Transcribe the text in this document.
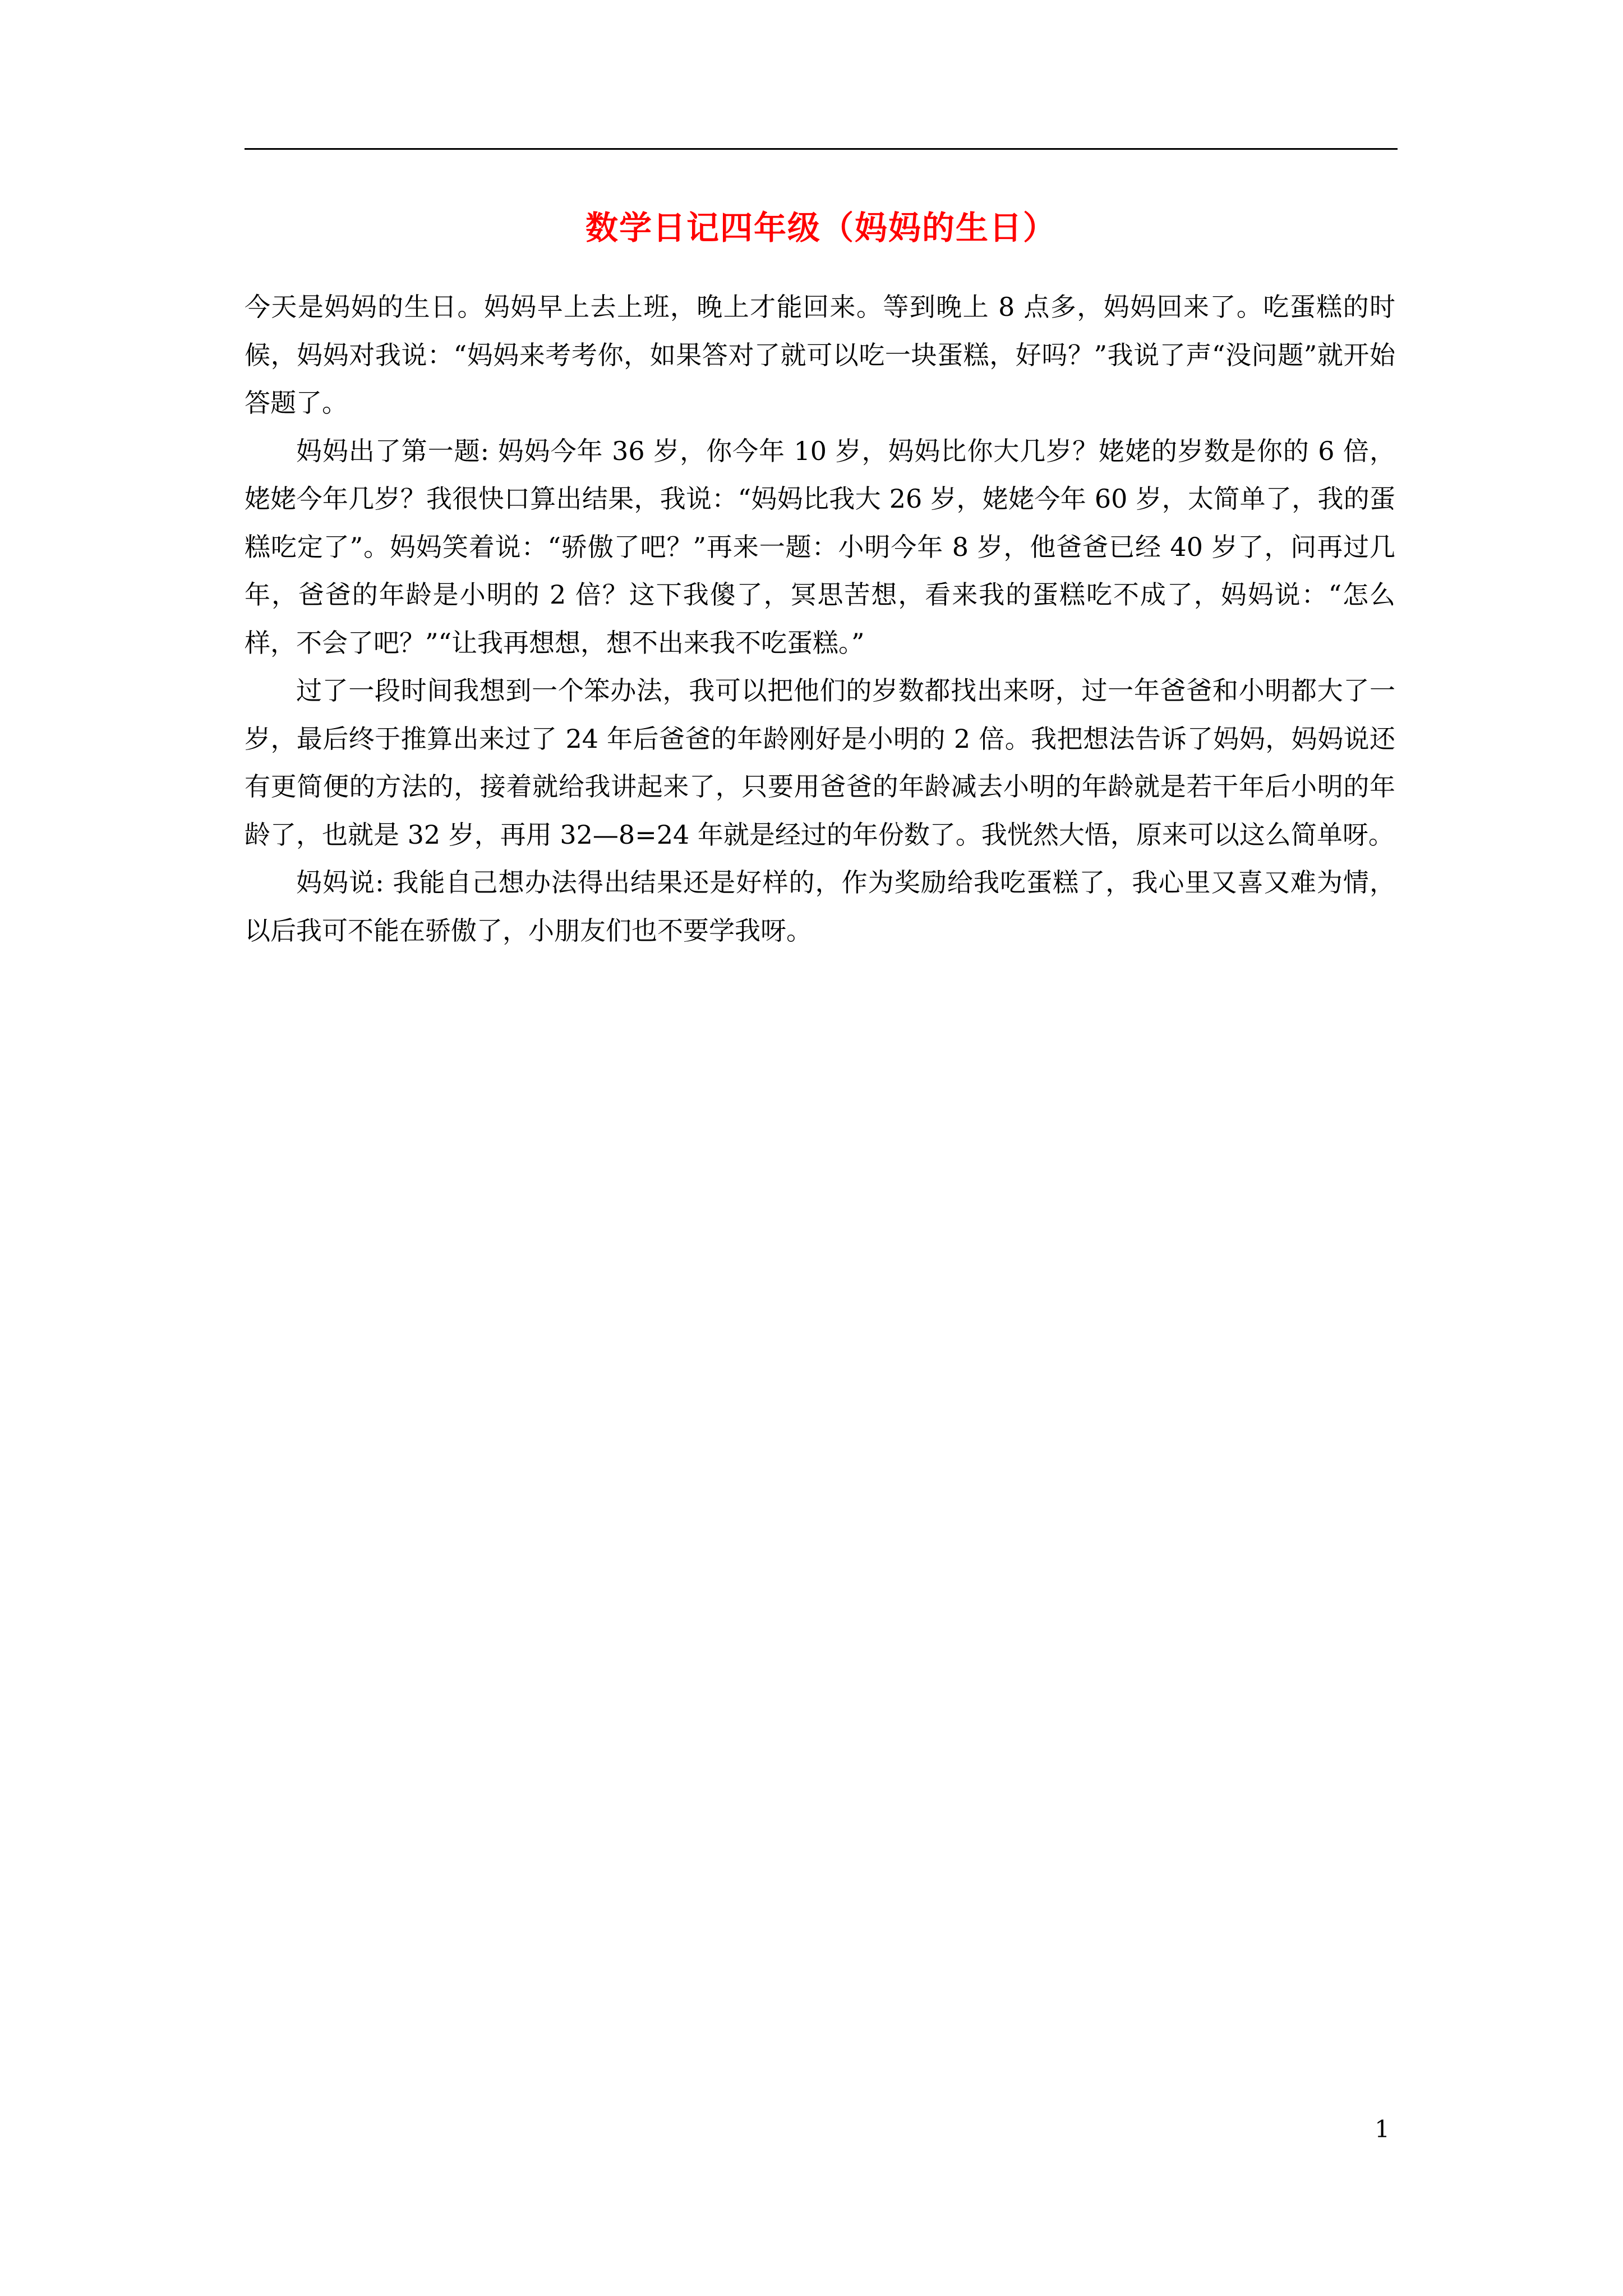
数学日记四年级（妈妈的生日）

今天是妈妈的生日。妈妈早上去上班，晚上才能回来。等到晚上 8 点多，妈妈回来了。吃蛋糕的时候，妈妈对我说：“妈妈来考考你，如果答对了就可以吃一块蛋糕，好吗？”我说了声“没问题”就开始答题了。

妈妈出了第一题: 妈妈今年 36 岁，你今年 10 岁，妈妈比你大几岁？姥姥的岁数是你的 6 倍，姥姥今年几岁？我很快口算出结果，我说：“妈妈比我大 26 岁，姥姥今年 60 岁，太简单了，我的蛋糕吃定了”。妈妈笑着说：“骄傲了吧？”再来一题：小明今年 8 岁，他爸爸已经 40 岁了，问再过几年，爸爸的年龄是小明的 2 倍？这下我傻了，冥思苦想，看来我的蛋糕吃不成了，妈妈说：“怎么样，不会了吧？”“让我再想想，想不出来我不吃蛋糕。”

过了一段时间我想到一个笨办法，我可以把他们的岁数都找出来呀，过一年爸爸和小明都大了一岁，最后终于推算出来过了 24 年后爸爸的年龄刚好是小明的 2 倍。我把想法告诉了妈妈，妈妈说还有更简便的方法的，接着就给我讲起来了，只要用爸爸的年龄减去小明的年龄就是若干年后小明的年龄了，也就是 32 岁，再用 32—8=24 年就是经过的年份数了。我恍然大悟，原来可以这么简单呀。

妈妈说: 我能自己想办法得出结果还是好样的，作为奖励给我吃蛋糕了，我心里又喜又难为情，以后我可不能在骄傲了，小朋友们也不要学我呀。

1
